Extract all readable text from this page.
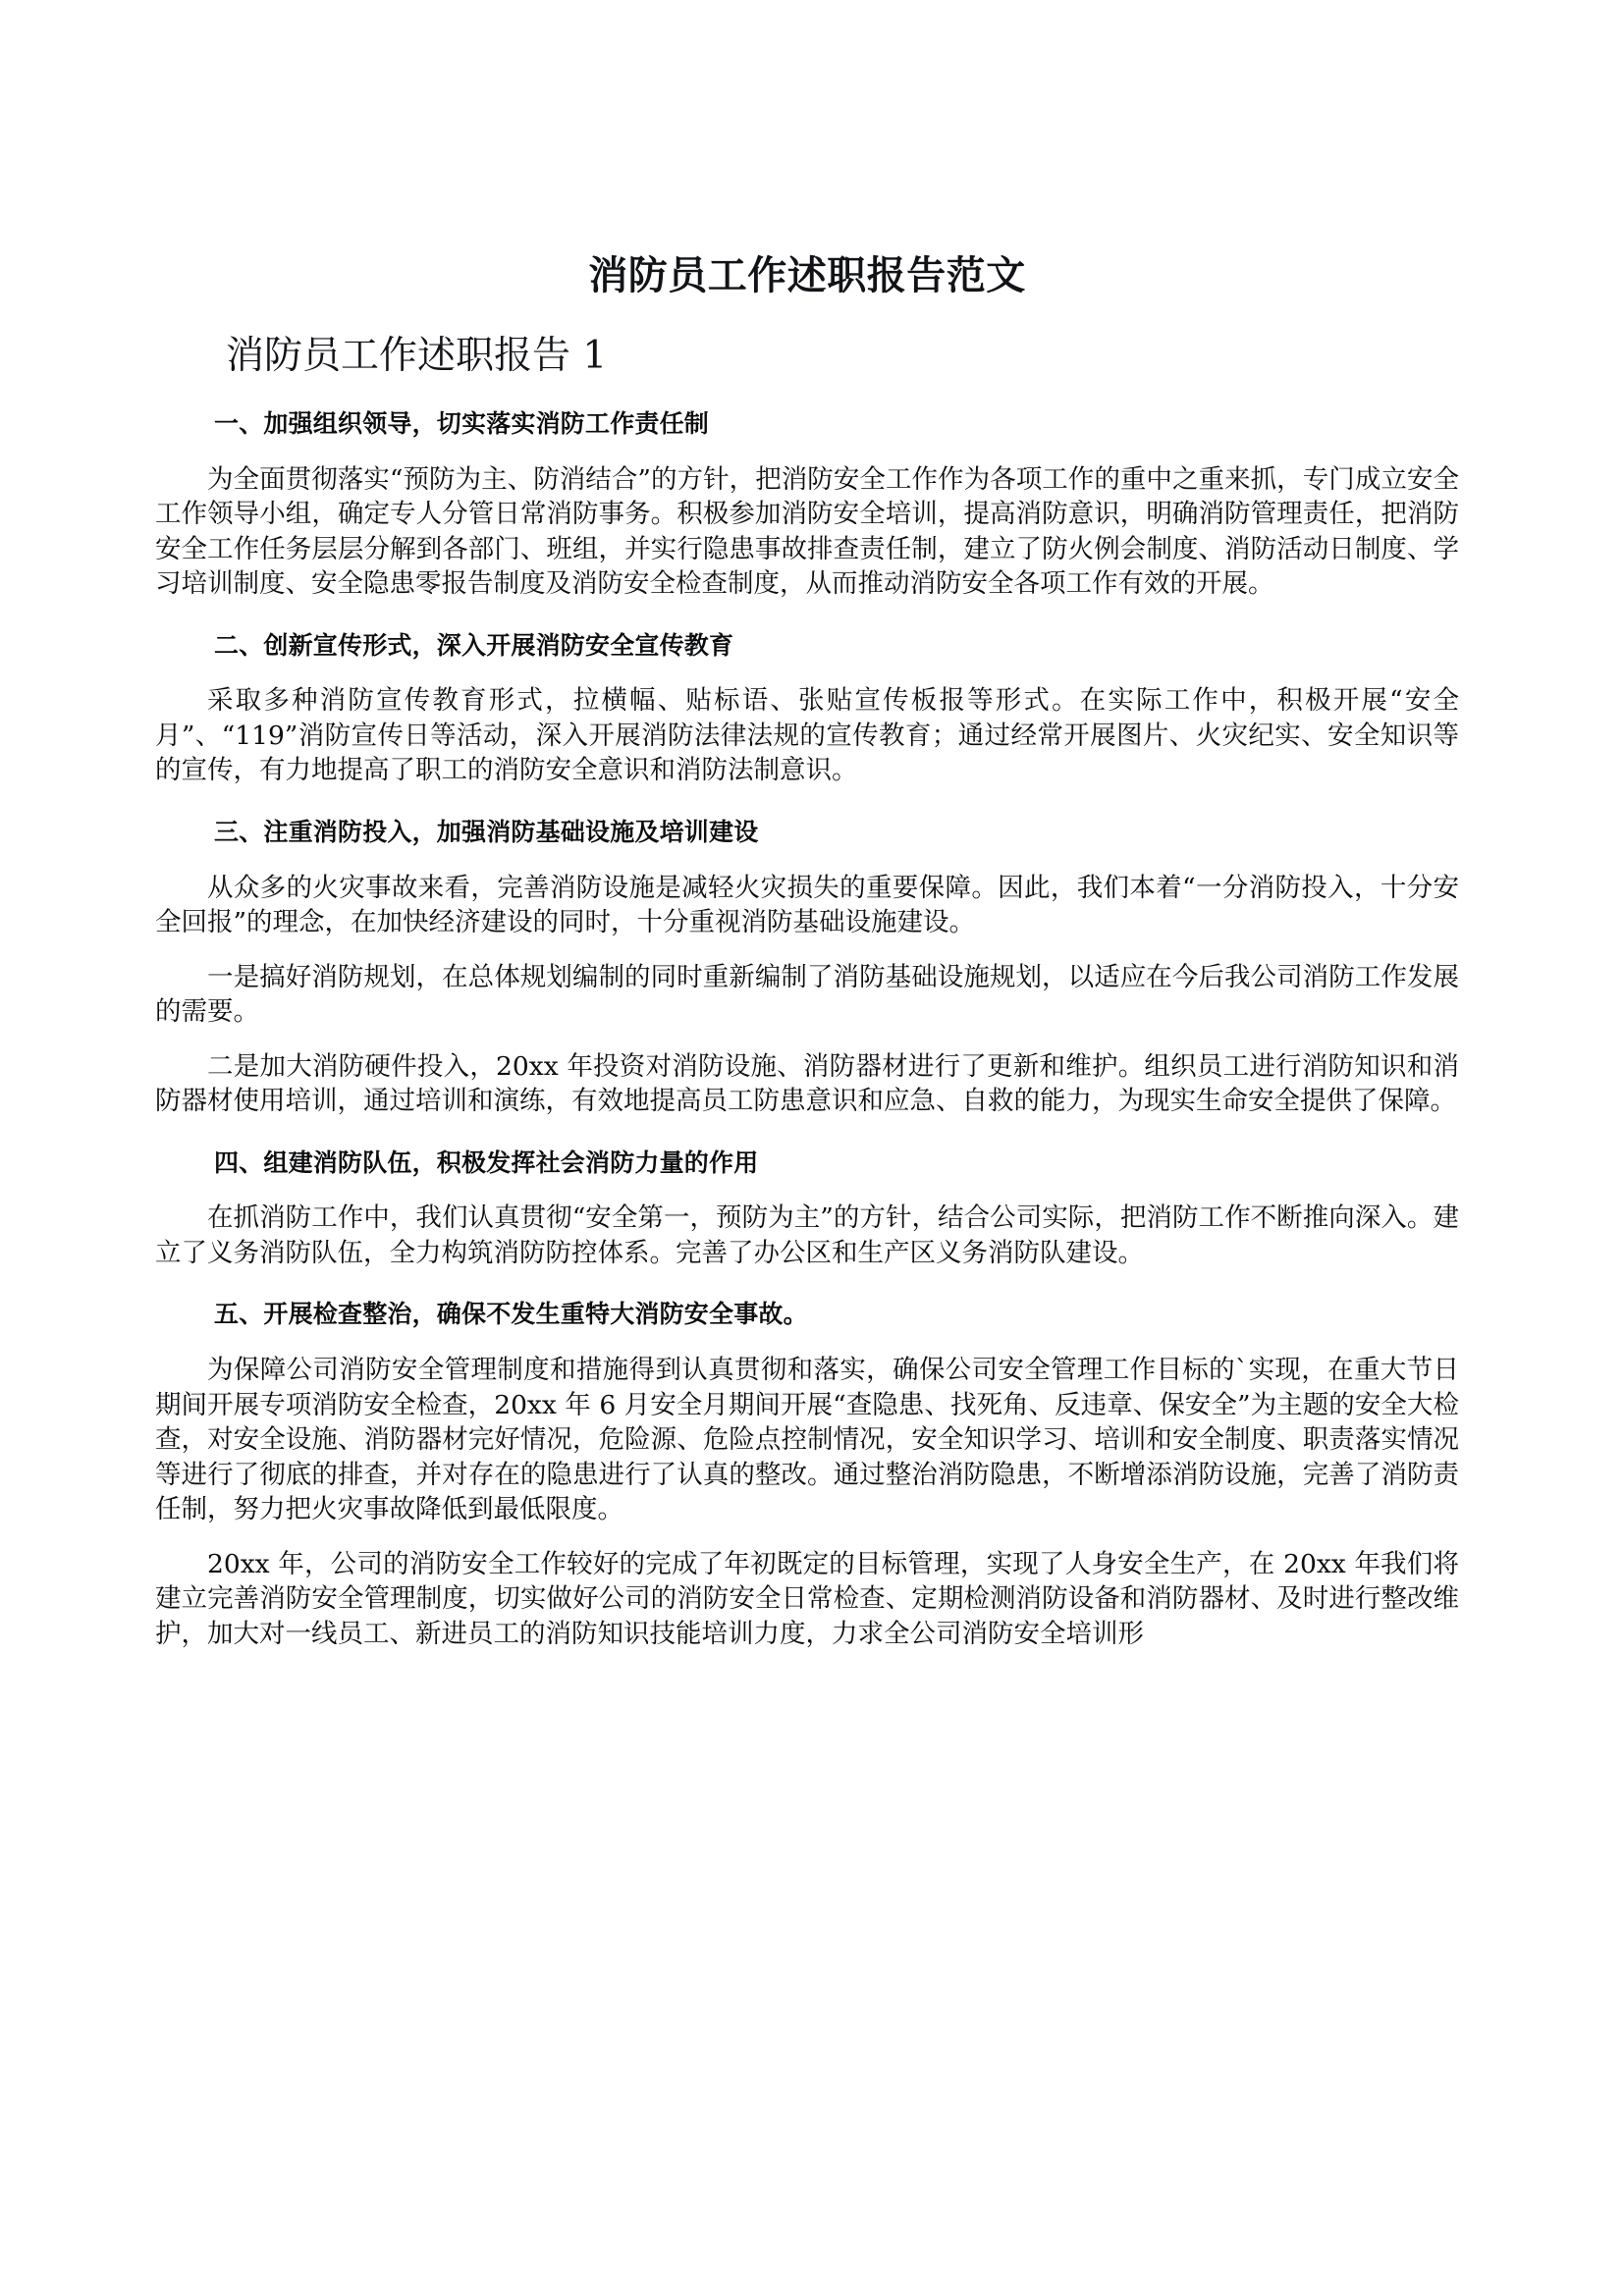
消防员工作述职报告范文
消防员工作述职报告 1
一、加强组织领导，切实落实消防工作责任制

为全面贯彻落实“预防为主、防消结合”的方针，把消防安全工作作为各项工作的重中之重来抓，专门成立安全工作领导小组，确定专人分管日常消防事务。积极参加消防安全培训，提高消防意识，明确消防管理责任，把消防安全工作任务层层分解到各部门、班组，并实行隐患事故排查责任制，建立了防火例会制度、消防活动日制度、学习培训制度、安全隐患零报告制度及消防安全检查制度，从而推动消防安全各项工作有效的开展。

二、创新宣传形式，深入开展消防安全宣传教育

采取多种消防宣传教育形式，拉横幅、贴标语、张贴宣传板报等形式。在实际工作中，积极开展“安全月”、“119”消防宣传日等活动，深入开展消防法律法规的宣传教育；通过经常开展图片、火灾纪实、安全知识等的宣传，有力地提高了职工的消防安全意识和消防法制意识。

三、注重消防投入，加强消防基础设施及培训建设

从众多的火灾事故来看，完善消防设施是减轻火灾损失的重要保障。因此，我们本着“一分消防投入，十分安全回报”的理念，在加快经济建设的同时，十分重视消防基础设施建设。

一是搞好消防规划，在总体规划编制的同时重新编制了消防基础设施规划，以适应在今后我公司消防工作发展的需要。

二是加大消防硬件投入，20xx 年投资对消防设施、消防器材进行了更新和维护。组织员工进行消防知识和消防器材使用培训，通过培训和演练，有效地提高员工防患意识和应急、自救的能力，为现实生命安全提供了保障。

四、组建消防队伍，积极发挥社会消防力量的作用

在抓消防工作中，我们认真贯彻“安全第一，预防为主”的方针，结合公司实际，把消防工作不断推向深入。建立了义务消防队伍，全力构筑消防防控体系。完善了办公区和生产区义务消防队建设。

五、开展检查整治，确保不发生重特大消防安全事故。

为保障公司消防安全管理制度和措施得到认真贯彻和落实，确保公司安全管理工作目标的`实现，在重大节日期间开展专项消防安全检查，20xx 年 6 月安全月期间开展“查隐患、找死角、反违章、保安全”为主题的安全大检查，对安全设施、消防器材完好情况，危险源、危险点控制情况，安全知识学习、培训和安全制度、职责落实情况等进行了彻底的排查，并对存在的隐患进行了认真的整改。通过整治消防隐患，不断增添消防设施，完善了消防责任制，努力把火灾事故降低到最低限度。

20xx 年，公司的消防安全工作较好的完成了年初既定的目标管理，实现了人身安全生产，在 20xx 年我们将建立完善消防安全管理制度，切实做好公司的消防安全日常检查、定期检测消防设备和消防器材、及时进行整改维护，加大对一线员工、新进员工的消防知识技能培训力度，力求全公司消防安全培训形
